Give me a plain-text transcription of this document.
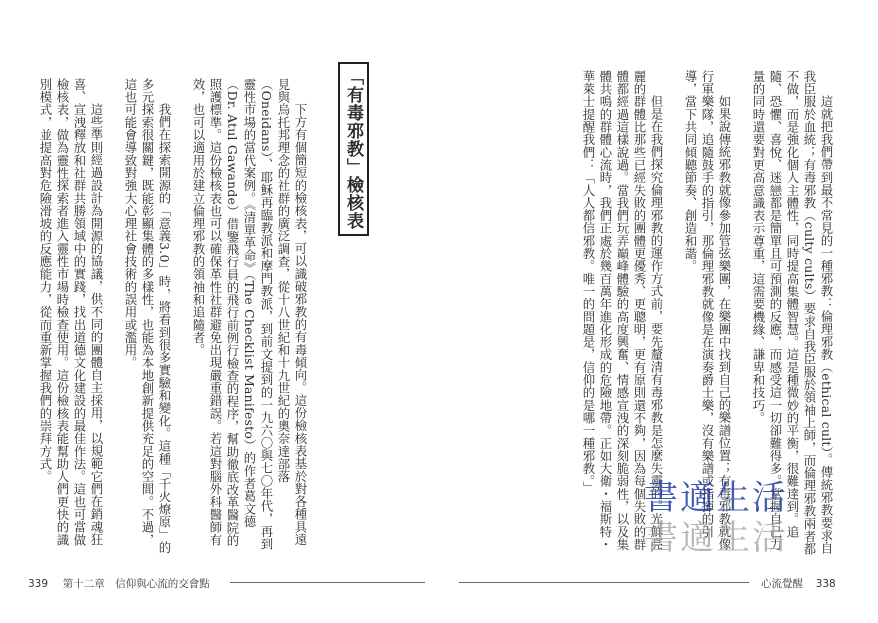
「有毒邪教」檢核表

下方有個簡短的檢核表，可以識破邪教的有毒傾向。這份檢核表基於對各種具遠見與烏托邦理念的社群的廣泛調查，從十八世紀和十九世紀的奧奈達部落（Oneidans）、耶穌再臨教派和摩門教派，到前文提到的一九六〇與七〇年代，再到靈性市場的當代案例。《清單革命》（The Checklist Manifesto）的作者葛文德（Dr. Atul Gawande）借鑒飛行員的飛行前例行檢查的程序，幫助徹底改革醫院的照護標準。這份檢核表也可以確保革性社群避免出現嚴重錯誤。若這對腦外科醫師有效，也可以適用於建立倫理邪教的領袖和追隨者。

我們在探索開源的「意義3.0」時，將看到很多實驗和變化。這種「千火燎原」的多元探索很關鍵，既能彰顯集體的多樣性，也能為本地創新提供充足的空間。不過，這也可能會導致對強大心理社會技術的誤用或濫用。

這些準則經過設計為開源的協議，供不同的團體自主採用，以規範它們在銷魂狂喜、宣洩釋放和社群共勝領域中的實踐，找出道德文化建設的最佳作法。這也可當做檢核表，做為靈性探索者進入靈性市場時檢查使用。這份檢核表能幫助人們更快的識別模式，並提高對危險滑坡的反應能力，從而重新掌握我們的崇拜方式。

339 第十二章　信仰與心流的交會點

這就把我們帶到最不常見的一種邪教：倫理邪教（ethical cult）。傳統邪教要求自我臣服於血統；有毒邪教（culty cults）要求自我臣服於領袖上師，而倫理邪教兩者都不做，而是強化個人主體性，同時提高集體智慧。這是種微妙的平衡，很難達到。追隨、恐懼、喜悅、迷戀都是簡單且可預測的反應，而感受這一切卻難得多。掌握自己力量的同時還要對更高意識表示尊重，這需要機緣、謙卑和技巧。

如果說傳統邪教就像參加管弦樂團，在樂團中找到自己的樂譜位置；有毒邪教就像行軍樂隊，追隨鼓手的指引，那倫理邪教就像是在演奏爵士樂，沒有樂譜或指揮的引導，當下共同傾聽節奏、創造和諧。

但是在我們探究倫理邪教的運作方式前，要先釐清有毒邪教是怎麼失靈的。光鮮亮麗的群體比那些已經失敗的團體更優秀、更聰明，更有原則還不夠，因為每個失敗的群體都經過這樣說過。當我們玩弄巔峰體驗的高度興奮、情感宣洩的深刻脆弱性，以及集體共鳴的群體心流時，我們正處於幾百萬年進化形成的危險地帶。正如大衛・福斯特・華萊士提醒我們：「人人都信邪教。唯一的問題是，信仰的是哪一種邪教。」

書適生活
書適生活
心流覺醒 338
